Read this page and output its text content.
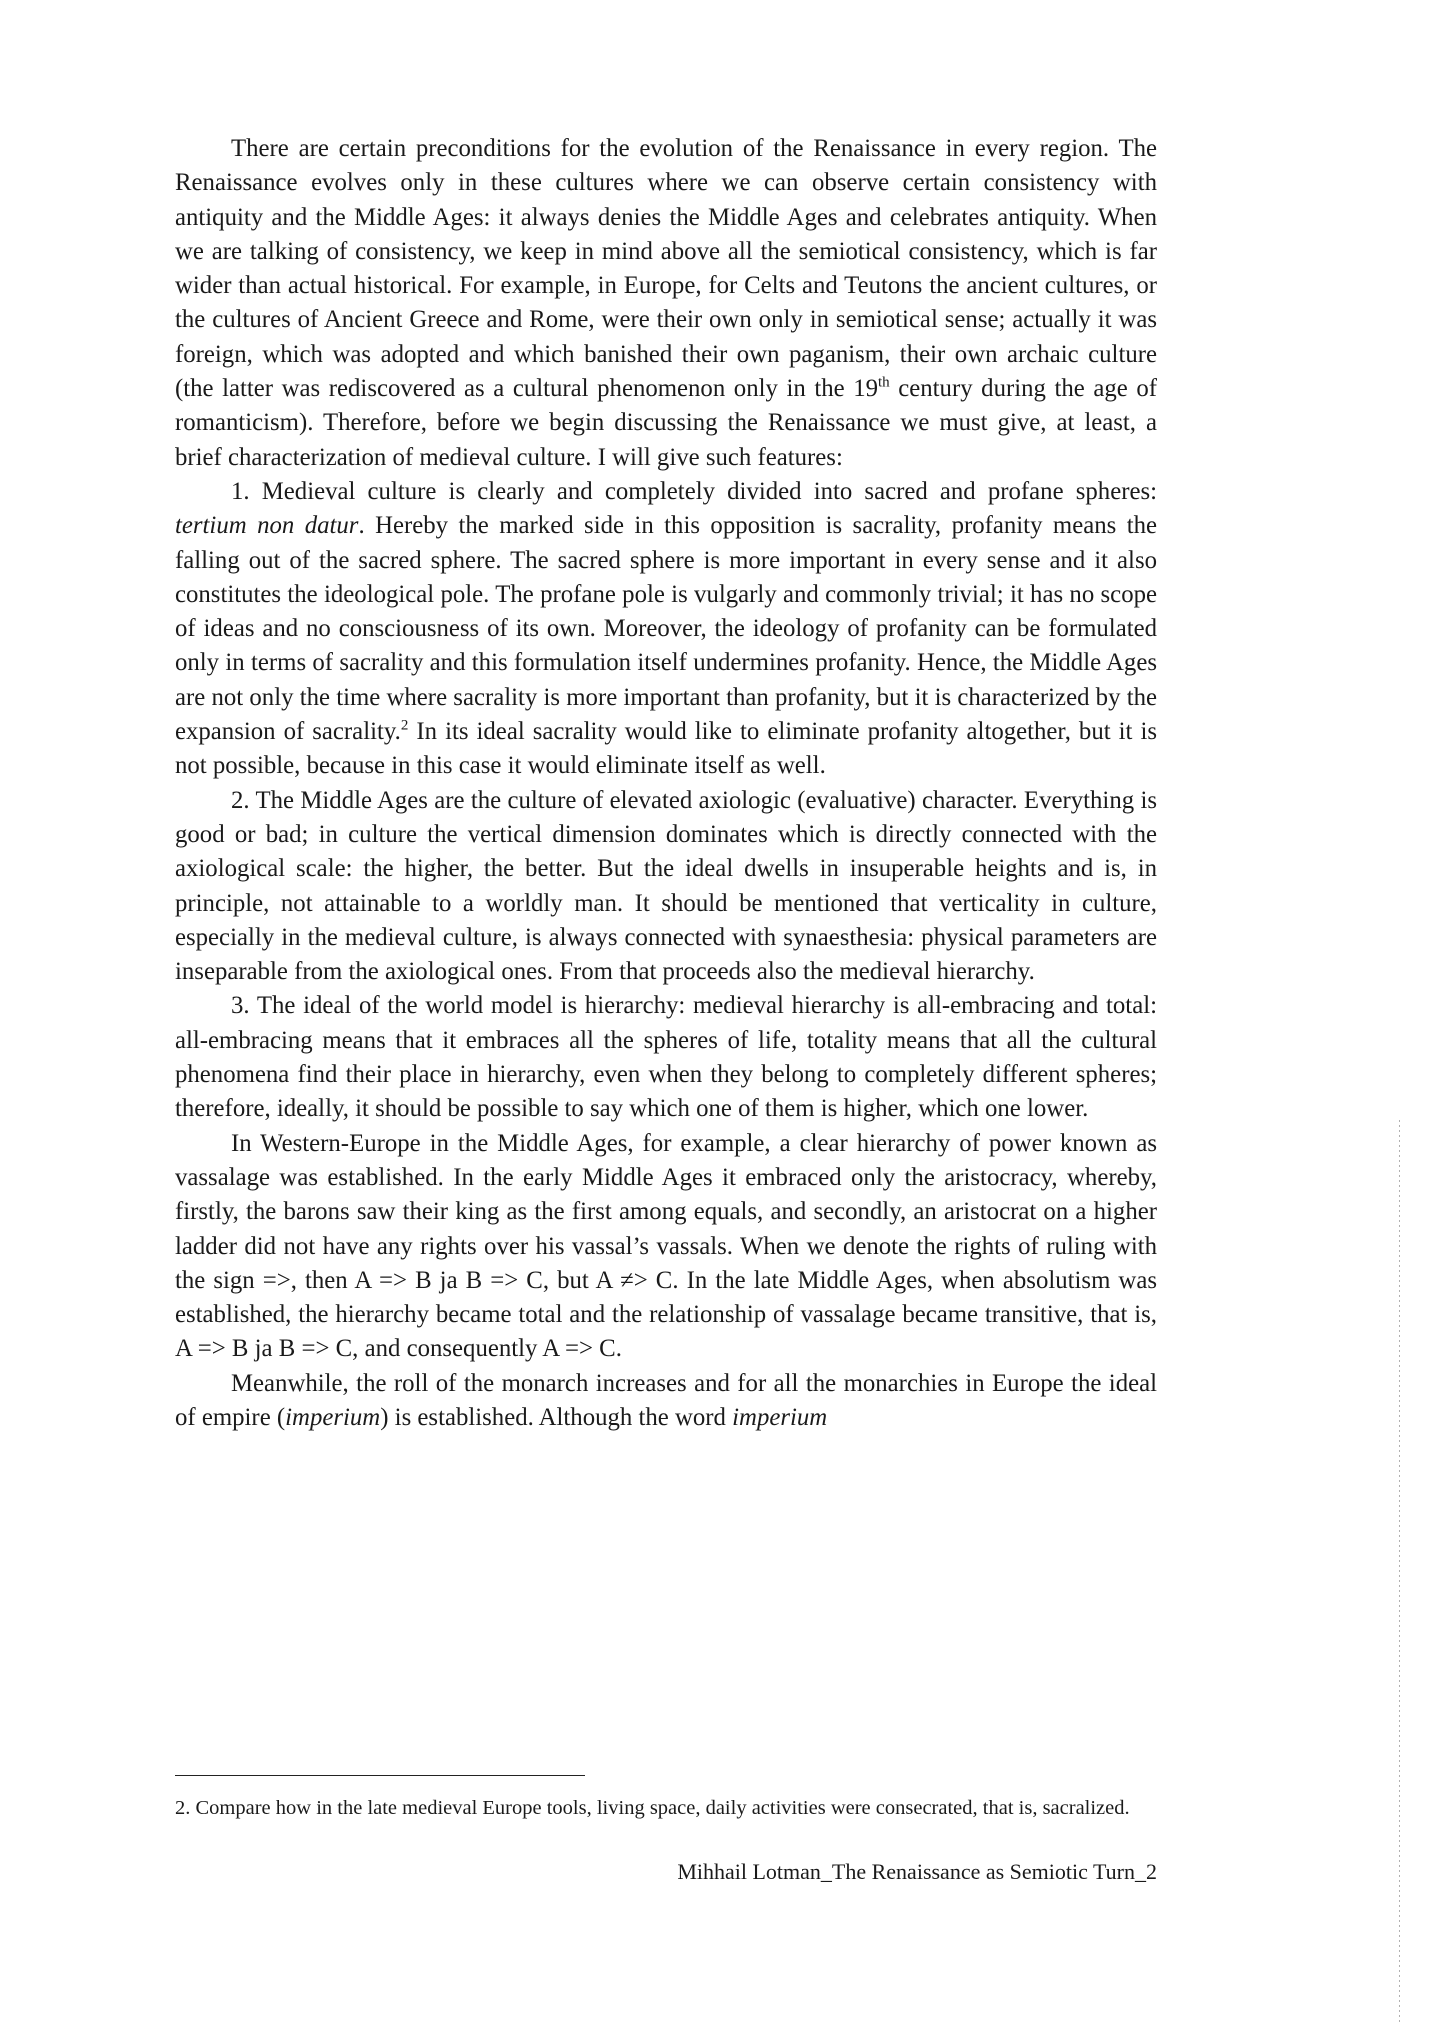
There are certain preconditions for the evolution of the Renaissance in every region. The Renaissance evolves only in these cultures where we can observe certain consistency with antiquity and the Middle Ages: it always denies the Middle Ages and celebrates antiquity. When we are talking of consistency, we keep in mind above all the semiotical consistency, which is far wider than actual historical. For example, in Europe, for Celts and Teutons the ancient cultures, or the cultures of Ancient Greece and Rome, were their own only in semiotical sense; actually it was foreign, which was adopted and which banished their own paganism, their own archaic culture (the latter was rediscovered as a cultural phenomenon only in the 19th century during the age of romanticism). Therefore, before we begin discussing the Renaissance we must give, at least, a brief characterization of medieval culture. I will give such features:

1. Medieval culture is clearly and completely divided into sacred and profane spheres: tertium non datur. Hereby the marked side in this opposition is sacrality, profanity means the falling out of the sacred sphere. The sacred sphere is more important in every sense and it also constitutes the ideological pole. The profane pole is vulgarly and commonly trivial; it has no scope of ideas and no consciousness of its own. Moreover, the ideology of profanity can be formulated only in terms of sacrality and this formulation itself undermines profanity. Hence, the Middle Ages are not only the time where sacrality is more important than profanity, but it is characterized by the expansion of sacrality.$^2$ In its ideal sacrality would like to eliminate profanity altogether, but it is not possible, because in this case it would eliminate itself as well.

2. The Middle Ages are the culture of elevated axiologic (evaluative) character. Everything is good or bad; in culture the vertical dimension dominates which is directly connected with the axiological scale: the higher, the better. But the ideal dwells in insuperable heights and is, in principle, not attainable to a worldly man. It should be mentioned that verticality in culture, especially in the medieval culture, is always connected with synaesthesia: physical parameters are inseparable from the axiological ones. From that proceeds also the medieval hierarchy.

3. The ideal of the world model is hierarchy: medieval hierarchy is all-embracing and total: all-embracing means that it embraces all the spheres of life, totality means that all the cultural phenomena find their place in hierarchy, even when they belong to completely different spheres; therefore, ideally, it should be possible to say which one of them is higher, which one lower.

In Western-Europe in the Middle Ages, for example, a clear hierarchy of power known as vassalage was established. In the early Middle Ages it embraced only the aristocracy, whereby, firstly, the barons saw their king as the first among equals, and secondly, an aristocrat on a higher ladder did not have any rights over his vassal’s vassals. When we denote the rights of ruling with the sign =>, then A => B ja B => C, but A ≠> C. In the late Middle Ages, when absolutism was established, the hierarchy became total and the relationship of vassalage became transitive, that is, A => B ja B => C, and consequently A => C.

Meanwhile, the roll of the monarch increases and for all the monarchies in Europe the ideal of empire (imperium) is established. Although the word imperium

2. Compare how in the late medieval Europe tools, living space, daily activities were consecrated, that is, sacralized.
Mihhail Lotman_The Renaissance as Semiotic Turn_2
